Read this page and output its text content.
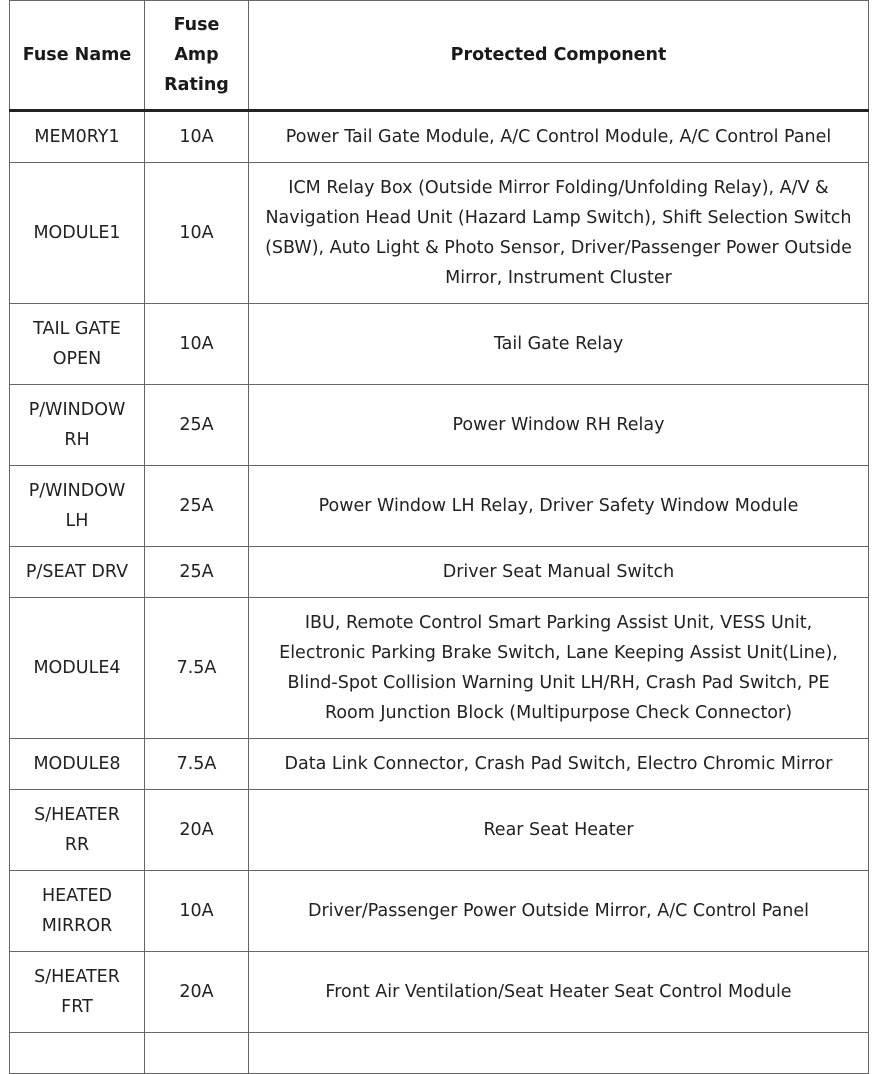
Fuse Name	Fuse Amp Rating	Protected Component
MEM0RY1	10A	Power Tail Gate Module, A/C Control Module, A/C Control Panel
MODULE1	10A	ICM Relay Box (Outside Mirror Folding/Unfolding Relay), A/V & Navigation Head Unit (Hazard Lamp Switch), Shift Selection Switch (SBW), Auto Light & Photo Sensor, Driver/Passenger Power Outside Mirror, Instrument Cluster
TAIL GATE OPEN	10A	Tail Gate Relay
P/WINDOW RH	25A	Power Window RH Relay
P/WINDOW LH	25A	Power Window LH Relay, Driver Safety Window Module
P/SEAT DRV	25A	Driver Seat Manual Switch
MODULE4	7.5A	IBU, Remote Control Smart Parking Assist Unit, VESS Unit, Electronic Parking Brake Switch, Lane Keeping Assist Unit(Line), Blind-Spot Collision Warning Unit LH/RH, Crash Pad Switch, PE Room Junction Block (Multipurpose Check Connector)
MODULE8	7.5A	Data Link Connector, Crash Pad Switch, Electro Chromic Mirror
S/HEATER RR	20A	Rear Seat Heater
HEATED MIRROR	10A	Driver/Passenger Power Outside Mirror, A/C Control Panel
S/HEATER FRT	20A	Front Air Ventilation/Seat Heater Seat Control Module
